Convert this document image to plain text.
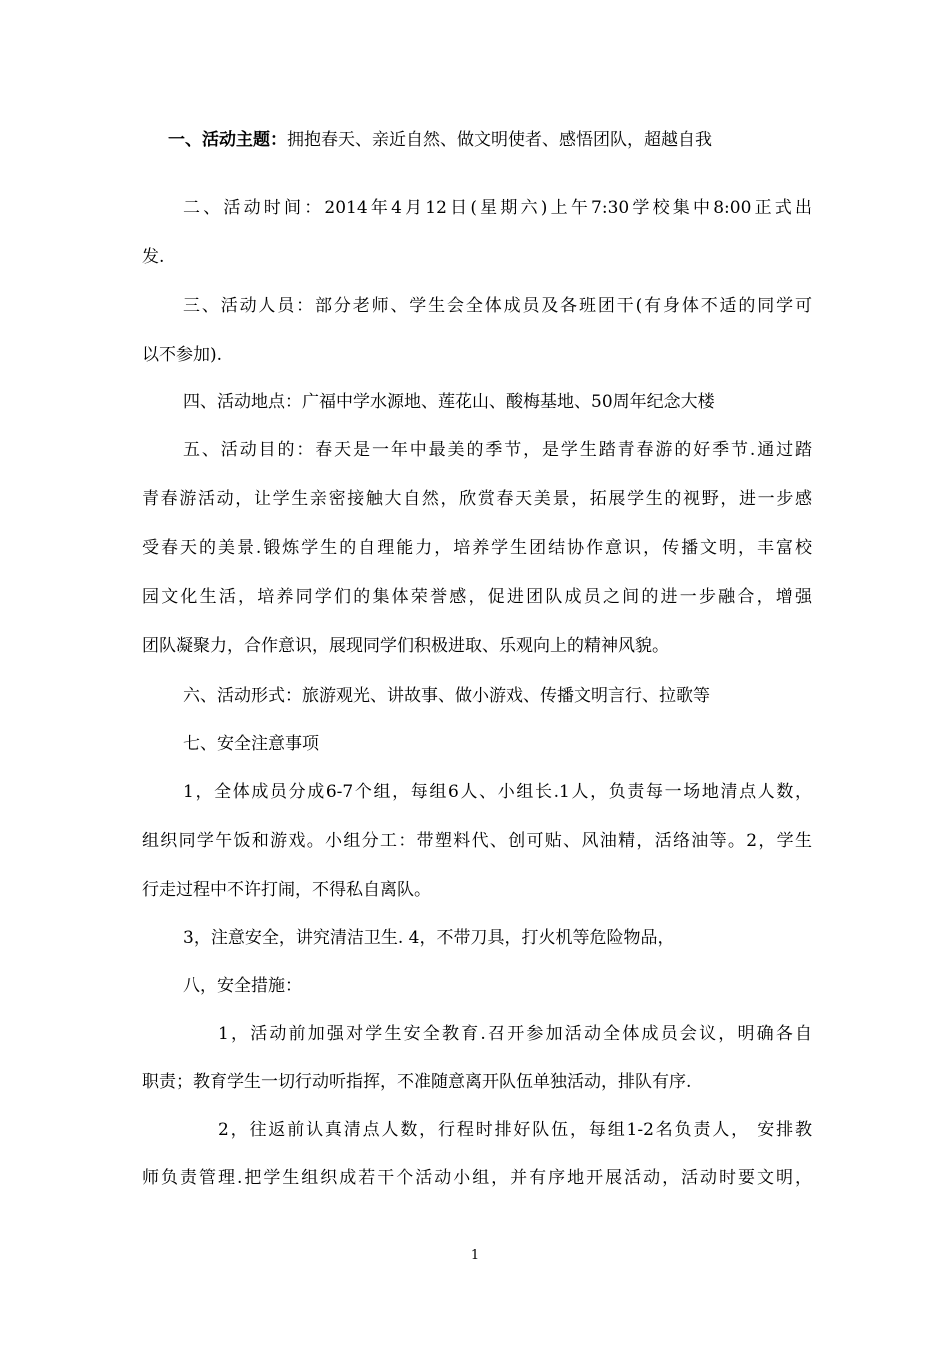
一、活动主题：拥抱春天、亲近自然、做文明使者、感悟团队，超越自我
二、活动时间：2014年4月12日(星期六)上午7:30学校集中8:00正式出
发.
三、活动人员：部分老师、学生会全体成员及各班团干(有身体不适的同学可
以不参加).
四、活动地点：广福中学水源地、莲花山、酸梅基地、50周年纪念大楼
五、活动目的：春天是一年中最美的季节，是学生踏青春游的好季节.通过踏
青春游活动，让学生亲密接触大自然，欣赏春天美景，拓展学生的视野，进一步感
受春天的美景.锻炼学生的自理能力，培养学生团结协作意识，传播文明，丰富校
园文化生活，培养同学们的集体荣誉感，促进团队成员之间的进一步融合，增强
团队凝聚力，合作意识，展现同学们积极进取、乐观向上的精神风貌。
六、活动形式：旅游观光、讲故事、做小游戏、传播文明言行、拉歌等
七、安全注意事项
1，全体成员分成6-7个组，每组6人、小组长.1人，负责每一场地清点人数，
组织同学午饭和游戏。小组分工：带塑料代、创可贴、风油精，活络油等。2，学生
行走过程中不许打闹，不得私自离队。
3，注意安全，讲究清洁卫生. 4，不带刀具，打火机等危险物品，
八，安全措施：
1，活动前加强对学生安全教育.召开参加活动全体成员会议，明确各自
职责；教育学生一切行动听指挥，不准随意离开队伍单独活动，排队有序.
2，往返前认真清点人数，行程时排好队伍，每组1-2名负责人， 安排教
师负责管理.把学生组织成若干个活动小组，并有序地开展活动，活动时要文明，
1
